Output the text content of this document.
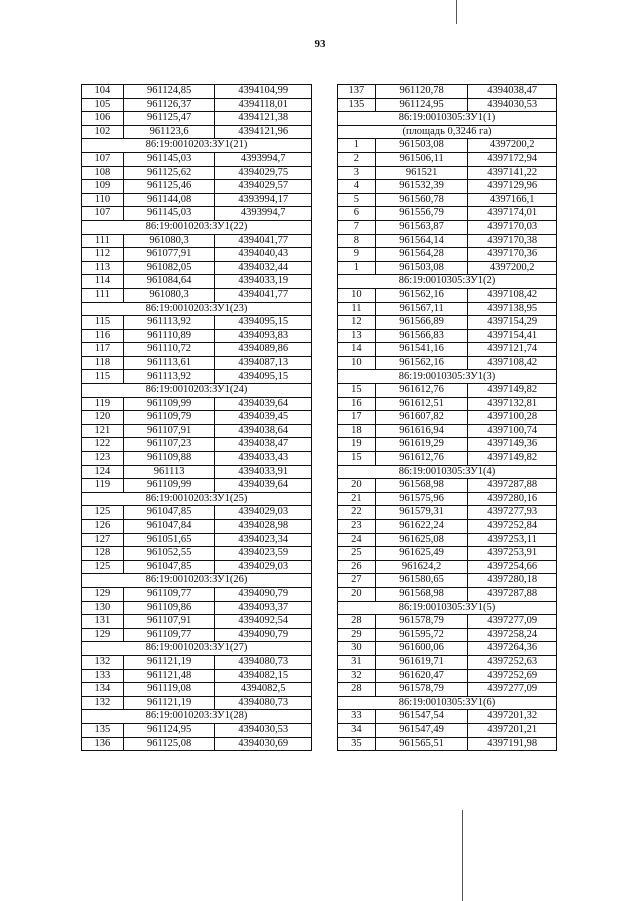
93
104	961124,85	4394104,99
105	961126,37	4394118,01
106	961125,47	4394121,38
102	961123,6	4394121,96
86:19:0010203:ЗУ1(21)		
107	961145,03	4393994,7
108	961125,62	4394029,75
109	961125,46	4394029,57
110	961144,08	4393994,17
107	961145,03	4393994,7
86:19:0010203:ЗУ1(22)		
111	961080,3	4394041,77
112	961077,91	4394040,43
113	961082,05	4394032,44
114	961084,64	4394033,19
111	961080,3	4394041,77
86:19:0010203:ЗУ1(23)		
115	961113,92	4394095,15
116	961110,89	4394093,83
117	961110,72	4394089,86
118	961113,61	4394087,13
115	961113,92	4394095,15
86:19:0010203:ЗУ1(24)		
119	961109,99	4394039,64
120	961109,79	4394039,45
121	961107,91	4394038,64
122	961107,23	4394038,47
123	961109,88	4394033,43
124	961113	4394033,91
119	961109,99	4394039,64
86:19:0010203:ЗУ1(25)		
125	961047,85	4394029,03
126	961047,84	4394028,98
127	961051,65	4394023,34
128	961052,55	4394023,59
125	961047,85	4394029,03
86:19:0010203:ЗУ1(26)		
129	961109,77	4394090,79
130	961109,86	4394093,37
131	961107,91	4394092,54
129	961109,77	4394090,79
86:19:0010203:ЗУ1(27)		
132	961121,19	4394080,73
133	961121,48	4394082,15
134	961119,08	4394082,5
132	961121,19	4394080,73
86:19:0010203:ЗУ1(28)		
135	961124,95	4394030,53
136	961125,08	4394030,69
137	961120,78	4394038,47
135	961124,95	4394030,53
86:19:0010305:ЗУ1(1)		
(площадь 0,3246 га)		
1	961503,08	4397200,2
2	961506,11	4397172,94
3	961521	4397141,22
4	961532,39	4397129,96
5	961560,78	4397166,1
6	961556,79	4397174,01
7	961563,87	4397170,03
8	961564,14	4397170,38
9	961564,28	4397170,36
1	961503,08	4397200,2
86:19:0010305:ЗУ1(2)		
10	961562,16	4397108,42
11	961567,11	4397138,95
12	961566,89	4397154,29
13	961566,83	4397154,41
14	961541,16	4397121,74
10	961562,16	4397108,42
86:19:0010305:ЗУ1(3)		
15	961612,76	4397149,82
16	961612,51	4397132,81
17	961607,82	4397100,28
18	961616,94	4397100,74
19	961619,29	4397149,36
15	961612,76	4397149,82
86:19:0010305:ЗУ1(4)		
20	961568,98	4397287,88
21	961575,96	4397280,16
22	961579,31	4397277,93
23	961622,24	4397252,84
24	961625,08	4397253,11
25	961625,49	4397253,91
26	961624,2	4397254,66
27	961580,65	4397280,18
20	961568,98	4397287,88
86:19:0010305:ЗУ1(5)		
28	961578,79	4397277,09
29	961595,72	4397258,24
30	961600,06	4397264,36
31	961619,71	4397252,63
32	961620,47	4397252,69
28	961578,79	4397277,09
86:19:0010305:ЗУ1(6)		
33	961547,54	4397201,32
34	961547,49	4397201,21
35	961565,51	4397191,98
